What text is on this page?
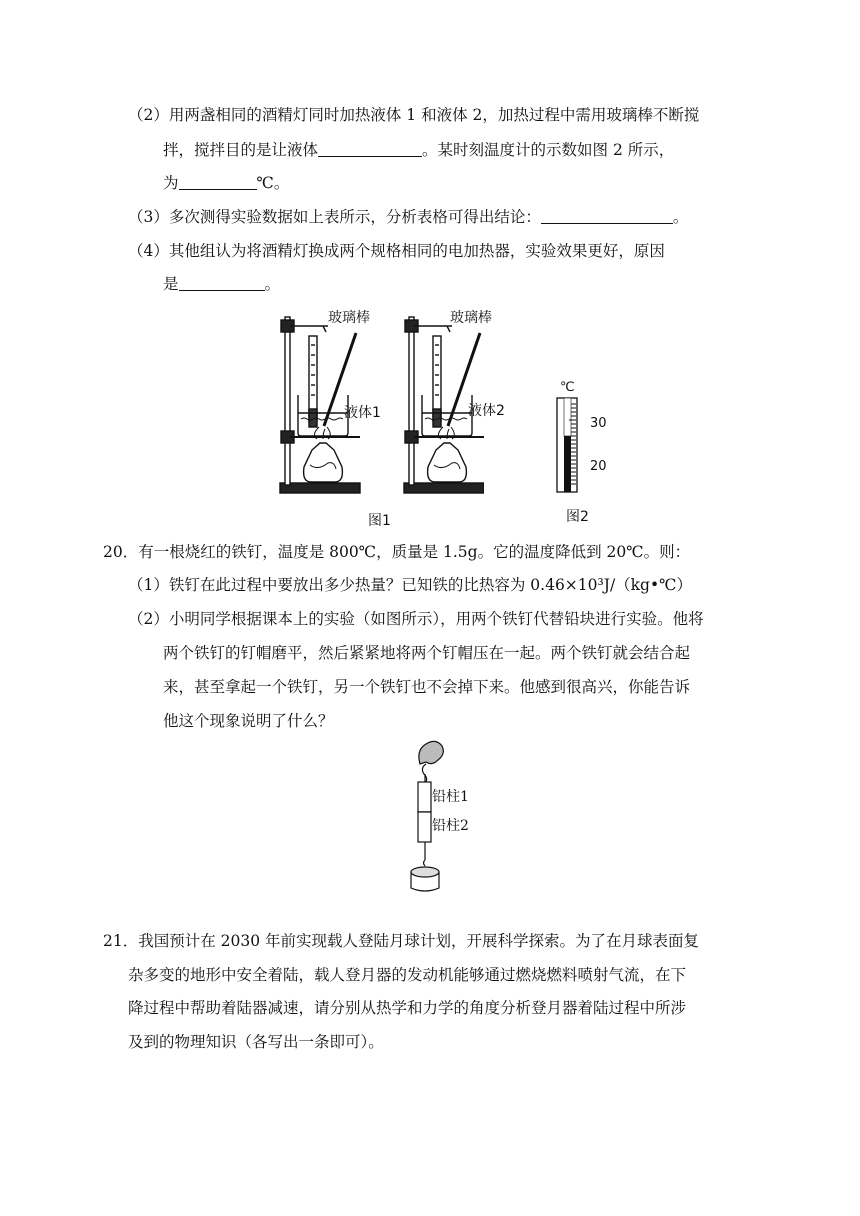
（2）用两盏相同的酒精灯同时加热液体 1 和液体 2，加热过程中需用玻璃棒不断搅
拌，搅拌目的是让液体	。某时刻温度计的示数如图 2 所示，
为	℃。
（3）多次测得实验数据如上表所示，分析表格可得出结论：	。
（4）其他组认为将酒精灯换成两个规格相同的电加热器，实验效果更好，原因
是	。
玻璃棒	玻璃棒
液体1	液体2
图1
℃
30
20
图2
20．有一根烧红的铁钉，温度是 800℃，质量是 1.5g。它的温度降低到 20℃。则：
（1）铁钉在此过程中要放出多少热量？已知铁的比热容为 0.46×10³J/（kg•℃）
（2）小明同学根据课本上的实验（如图所示），用两个铁钉代替铅块进行实验。他将
两个铁钉的钉帽磨平，然后紧紧地将两个钉帽压在一起。两个铁钉就会结合起
来，甚至拿起一个铁钉，另一个铁钉也不会掉下来。他感到很高兴，你能告诉
他这个现象说明了什么？
铅柱1
铅柱2
21．我国预计在 2030 年前实现载人登陆月球计划，开展科学探索。为了在月球表面复
杂多变的地形中安全着陆，载人登月器的发动机能够通过燃烧燃料喷射气流，在下
降过程中帮助着陆器减速，请分别从热学和力学的角度分析登月器着陆过程中所涉
及到的物理知识（各写出一条即可）。
